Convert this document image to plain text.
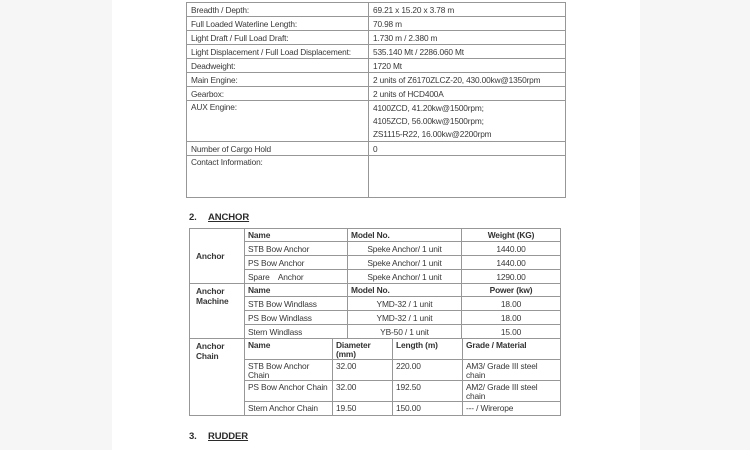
Breadth / Depth:	69.21 x 15.20 x 3.78 m
Full Loaded Waterline Length:	70.98 m
Light Draft / Full Load Draft:	1.730 m / 2.380 m
Light Displacement / Full Load Displacement:	535.140 Mt / 2286.060 Mt
Deadweight:	1720 Mt
Main Engine:	2 units of Z6170ZLCZ-20, 430.00kw@1350rpm
Gearbox:	2 units of HCD400A
AUX Engine:	4100ZCD, 41.20kw@1500rpm;
4105ZCD, 56.00kw@1500rpm;
ZS1115-R22, 16.00kw@2200rpm

Number of Cargo Hold	0
Contact Information:	
2. ANCHOR
Anchor	Name	Model No.	Weight (KG)
	STB Bow Anchor	Speke Anchor/ 1 unit	1440.00
	PS Bow Anchor	Speke Anchor/ 1 unit	1440.00
	Spare    Anchor	Speke Anchor/ 1 unit	1290.00
Anchor Machine	Name	Model No.	Power (kw)
	STB Bow Windlass	YMD-32 / 1 unit	18.00
	PS Bow Windlass	YMD-32 / 1 unit	18.00
	Stern Windlass	YB-50 / 1 unit	15.00
Anchor Chain	Name	Diameter (mm)	Length (m)	Grade / Material
	STB Bow Anchor Chain	32.00	220.00	AM3/ Grade III steel chain
	PS Bow Anchor Chain	32.00	192.50	AM2/ Grade III steel chain
	Stern Anchor Chain	19.50	150.00	--- / Wirerope
3. RUDDER
